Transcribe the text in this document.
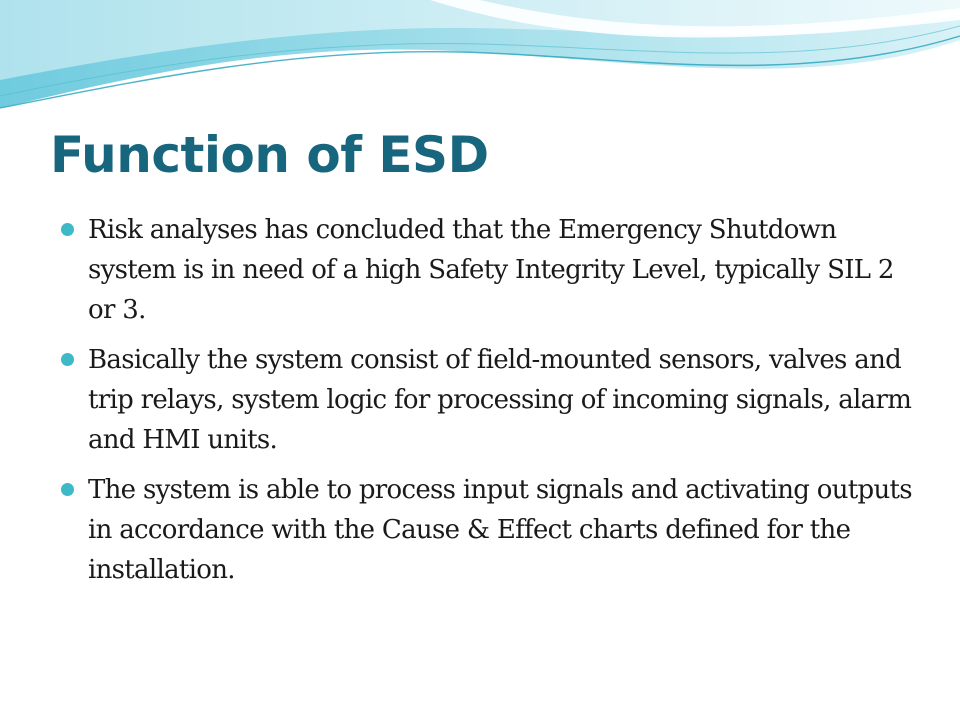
Function of ESD
Risk analyses has concluded that the Emergency Shutdown system is in need of a high Safety Integrity Level, typically SIL 2 or 3.
Basically the system consist of field-mounted sensors, valves and trip relays, system logic for processing of incoming signals, alarm and HMI units.
The system is able to process input signals and activating outputs in accordance with the Cause & Effect charts defined for the installation.
